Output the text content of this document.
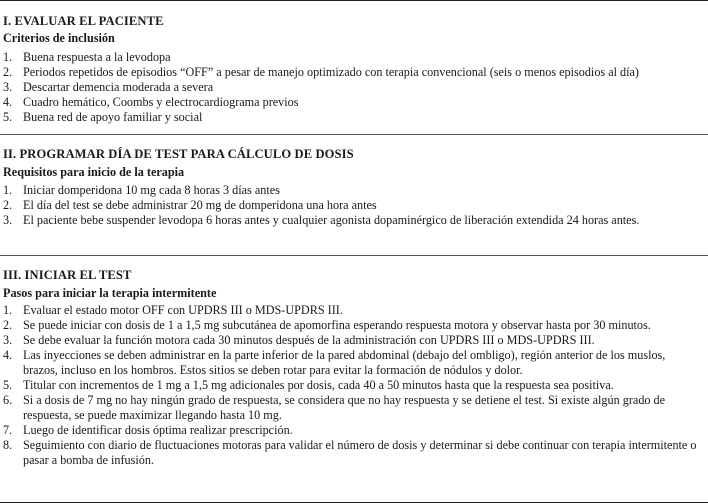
I. EVALUAR EL PACIENTE
Criterios de inclusión
1. Buena respuesta a la levodopa
2. Periodos repetidos de episodios “OFF” a pesar de manejo optimizado con terapia convencional (seis o menos episodios al día)
3. Descartar demencia moderada a severa
4. Cuadro hemático, Coombs y electrocardiograma previos
5. Buena red de apoyo familiar y social
II. PROGRAMAR DÍA DE TEST PARA CÁLCULO DE DOSIS
Requisitos para inicio de la terapia
1. Iniciar domperidona 10 mg cada 8 horas 3 días antes
2. El día del test se debe administrar 20 mg de domperidona una hora antes
3. El paciente bebe suspender levodopa 6 horas antes y cualquier agonista dopaminérgico de liberación extendida 24 horas antes.
III. INICIAR EL TEST
Pasos para iniciar la terapia intermitente
1. Evaluar el estado motor OFF con UPDRS III o MDS-UPDRS III.
2. Se puede iniciar con dosis de 1 a 1,5 mg subcutánea de apomorfina esperando respuesta motora y observar hasta por 30 minutos.
3. Se debe evaluar la función motora cada 30 minutos después de la administración con UPDRS III o MDS-UPDRS III.
4. Las inyecciones se deben administrar en la parte inferior de la pared abdominal (debajo del ombligo), región anterior de los muslos, brazos, incluso en los hombros. Estos sitios se deben rotar para evitar la formación de nódulos y dolor.
5. Titular con incrementos de 1 mg a 1,5 mg adicionales por dosis, cada 40 a 50 minutos hasta que la respuesta sea positiva.
6. Si a dosis de 7 mg no hay ningún grado de respuesta, se considera que no hay respuesta y se detiene el test. Si existe algún grado de respuesta, se puede maximizar llegando hasta 10 mg.
7. Luego de identificar dosis óptima realizar prescripción.
8. Seguimiento con diario de fluctuaciones motoras para validar el número de dosis y determinar si debe continuar con terapia intermitente o pasar a bomba de infusión.
